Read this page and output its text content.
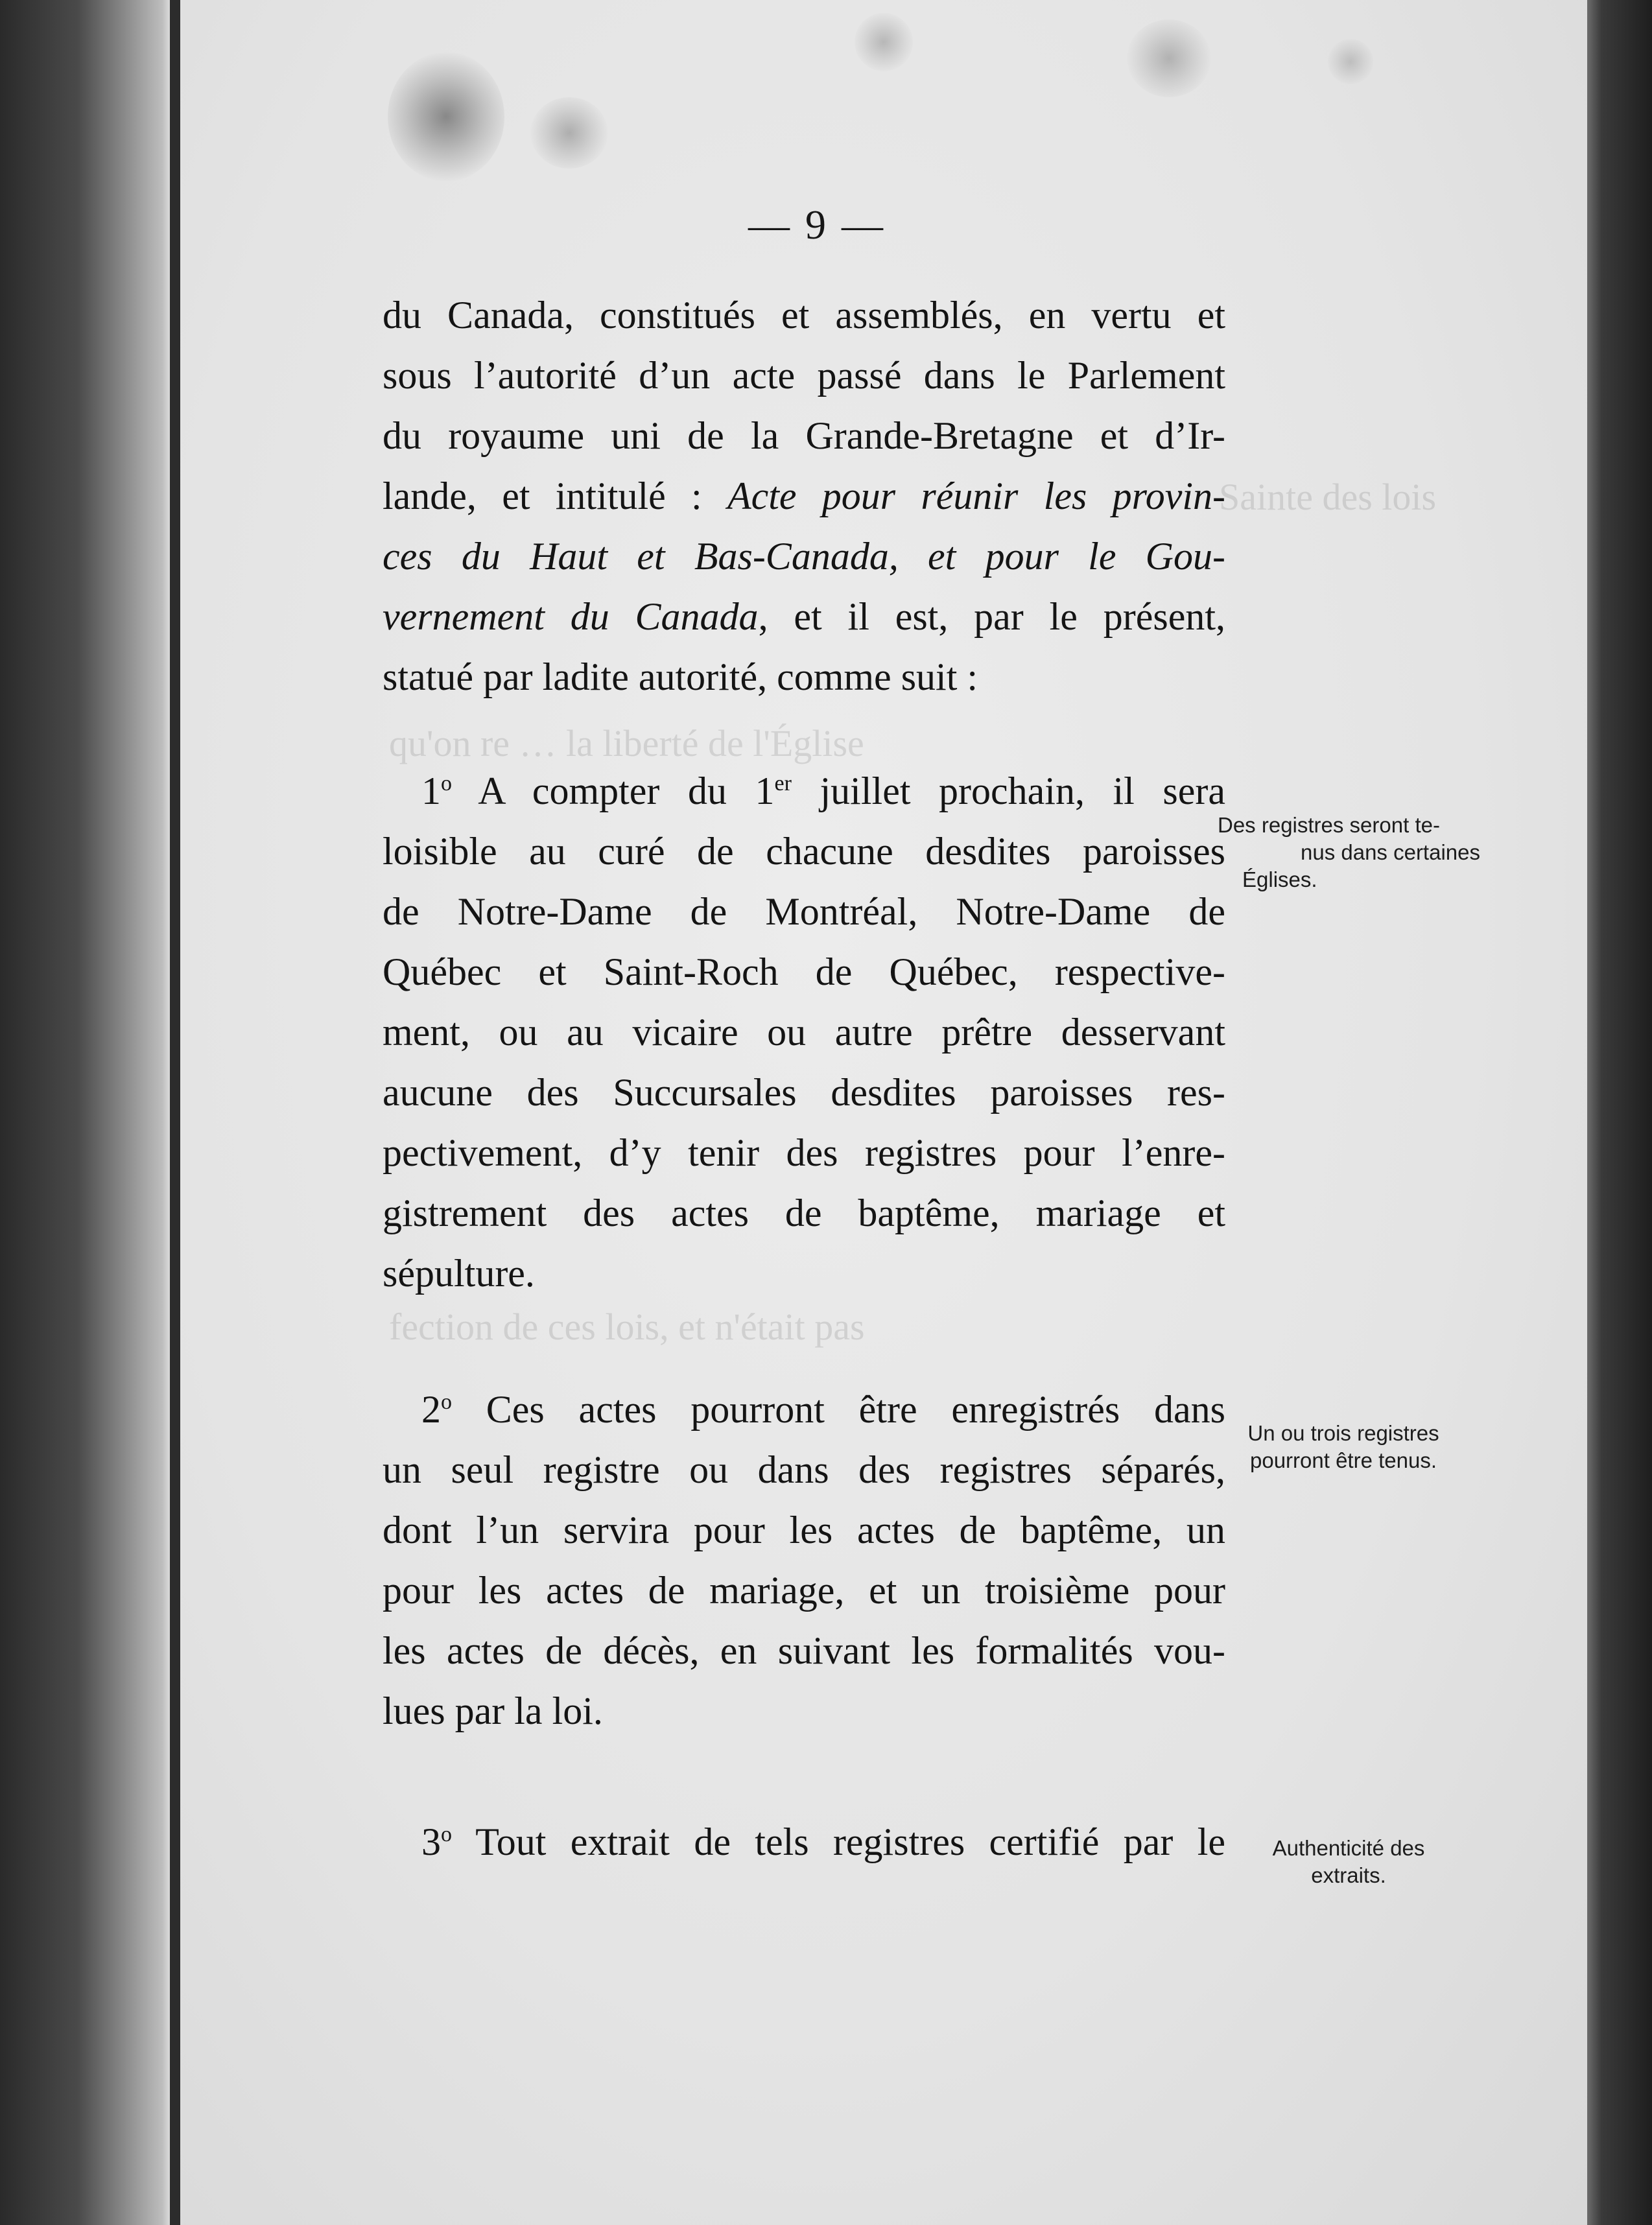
Sainte des lois
qu'on re … la liberté de l'Église
fection de ces lois, et n'était pas
— 9 —

du Canada, constitués et assemblés, en vertu et
sous l’autorité d’un acte passé dans le Parlement
du royaume uni de la Grande-Bretagne et d’Ir-
lande, et intitulé : Acte pour réunir les provin-
ces du Haut et Bas-Canada, et pour le Gou-
vernement du Canada, et il est, par le présent,
statué par ladite autorité, comme suit :

1$^o$ A compter du 1er juillet prochain, il sera
loisible au curé de chacune desdites paroisses
de Notre-Dame de Montréal, Notre-Dame de
Québec et Saint-Roch de Québec, respective-
ment, ou au vicaire ou autre prêtre desservant
aucune des Succursales desdites paroisses res-
pectivement, d’y tenir des registres pour l’enre-
gistrement des actes de baptême, mariage et
sépulture.

2$^o$ Ces actes pourront être enregistrés dans
un seul registre ou dans des registres séparés,
dont l’un servira pour les actes de baptême, un
pour les actes de mariage, et un troisième pour
les actes de décès, en suivant les formalités vou-
lues par la loi.

3$^o$ Tout extrait de tels registres certifié par le

Des registres seront te-
nus dans certaines
Églises.
Un ou trois registres
pourront être tenus.
Authenticité des
extraits.
